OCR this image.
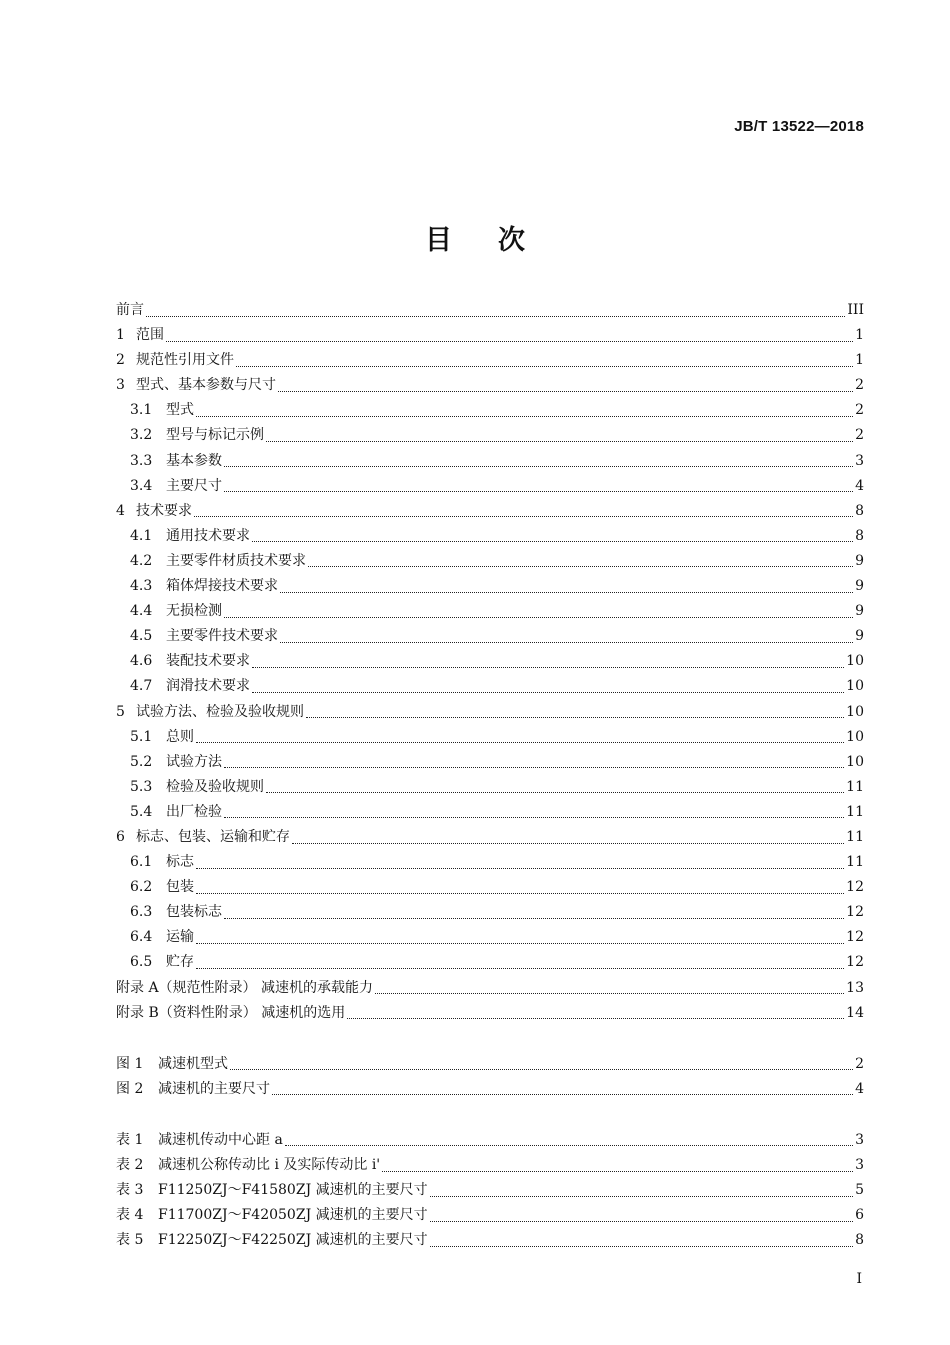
JB/T 13522—2018
目 次
前言	III
1 范围	1
2 规范性引用文件	1
3 型式、基本参数与尺寸	2
3.1 型式	2
3.2 型号与标记示例	2
3.3 基本参数	3
3.4 主要尺寸	4
4 技术要求	8
4.1 通用技术要求	8
4.2 主要零件材质技术要求	9
4.3 箱体焊接技术要求	9
4.4 无损检测	9
4.5 主要零件技术要求	9
4.6 装配技术要求	10
4.7 润滑技术要求	10
5 试验方法、检验及验收规则	10
5.1 总则	10
5.2 试验方法	10
5.3 检验及验收规则	11
5.4 出厂检验	11
6 标志、包装、运输和贮存	11
6.1 标志	11
6.2 包装	12
6.3 包装标志	12
6.4 运输	12
6.5 贮存	12
附录 A（规范性附录） 减速机的承载能力	13
附录 B（资料性附录） 减速机的选用	14
图 1	减速机型式	2
图 2	减速机的主要尺寸	4
表 1	减速机传动中心距 a	3
表 2	减速机公称传动比 i 及实际传动比 i'	3
表 3	F11250ZJ～F41580ZJ 减速机的主要尺寸	5
表 4	F11700ZJ～F42050ZJ 减速机的主要尺寸	6
表 5	F12250ZJ～F42250ZJ 减速机的主要尺寸	8
I
